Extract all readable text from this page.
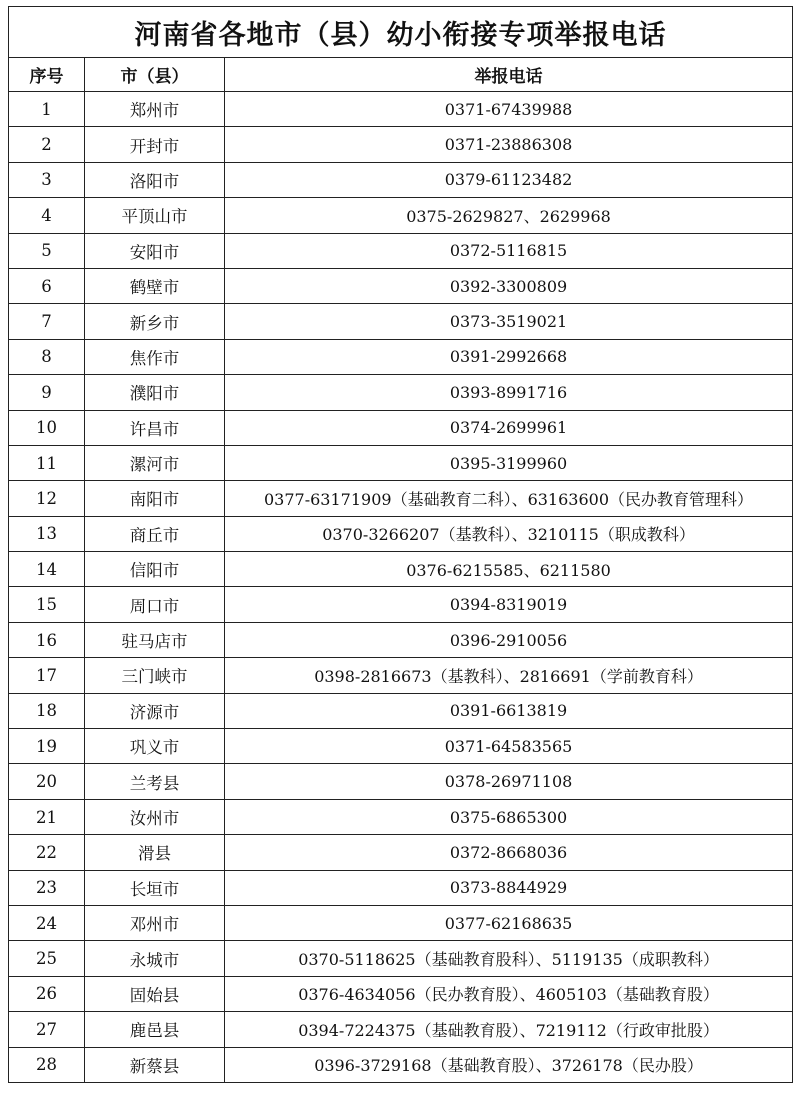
河南省各地市（县）幼小衔接专项举报电话		
序号	市（县）	举报电话
1	郑州市	0371-67439988
2	开封市	0371-23886308
3	洛阳市	0379-61123482
4	平顶山市	0375-2629827、2629968
5	安阳市	0372-5116815
6	鹤壁市	0392-3300809
7	新乡市	0373-3519021
8	焦作市	0391-2992668
9	濮阳市	0393-8991716
10	许昌市	0374-2699961
11	漯河市	0395-3199960
12	南阳市	0377-63171909（基础教育二科）、63163600（民办教育管理科）
13	商丘市	0370-3266207（基教科）、3210115（职成教科）
14	信阳市	0376-6215585、6211580
15	周口市	0394-8319019
16	驻马店市	0396-2910056
17	三门峡市	0398-2816673（基教科）、2816691（学前教育科）
18	济源市	0391-6613819
19	巩义市	0371-64583565
20	兰考县	0378-26971108
21	汝州市	0375-6865300
22	滑县	0372-8668036
23	长垣市	0373-8844929
24	邓州市	0377-62168635
25	永城市	0370-5118625（基础教育股科）、5119135（成职教科）
26	固始县	0376-4634056（民办教育股）、4605103（基础教育股）
27	鹿邑县	0394-7224375（基础教育股）、7219112（行政审批股）
28	新蔡县	0396-3729168（基础教育股）、3726178（民办股）
